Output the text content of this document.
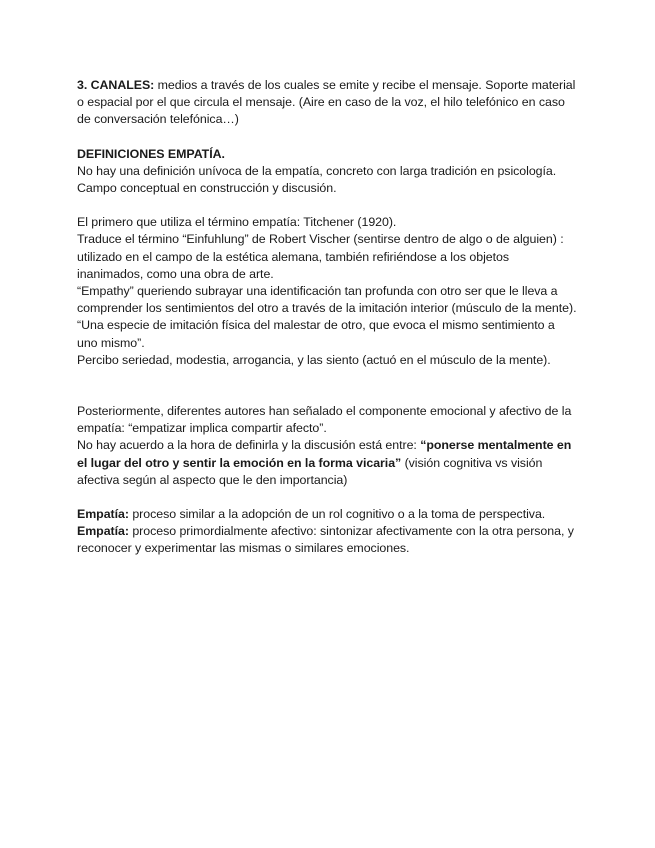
3. CANALES: medios a través de los cuales se emite y recibe el mensaje. Soporte material o espacial por el que circula el mensaje. (Aire en caso de la voz, el hilo telefónico en caso de conversación telefónica…)

DEFINICIONES EMPATÍA.
No hay una definición unívoca de la empatía, concreto con larga tradición en psicología. Campo conceptual en construcción y discusión.

El primero que utiliza el término empatía: Titchener (1920).

Traduce el término “Einfuhlung” de Robert Vischer (sentirse dentro de algo o de alguien) : utilizado en el campo de la estética alemana, también refiriéndose a los objetos inanimados, como una obra de arte.

“Empathy” queriendo subrayar una identificación tan profunda con otro ser que le lleva a comprender los sentimientos del otro a través de la imitación interior (músculo de la mente). “Una especie de imitación física del malestar de otro, que evoca el mismo sentimiento a uno mismo”.

Percibo seriedad, modestia, arrogancia, y las siento (actuó en el músculo de la mente).

Posteriormente, diferentes autores han señalado el componente emocional y afectivo de la empatía: “empatizar implica compartir afecto”.

No hay acuerdo a la hora de definirla y la discusión está entre: “ponerse mentalmente en el lugar del otro y sentir la emoción en la forma vicaria” (visión cognitiva vs visión afectiva según al aspecto que le den importancia)

Empatía: proceso similar a la adopción de un rol cognitivo o a la toma de perspectiva.

Empatía: proceso primordialmente afectivo: sintonizar afectivamente con la otra persona, y reconocer y experimentar las mismas o similares emociones.
